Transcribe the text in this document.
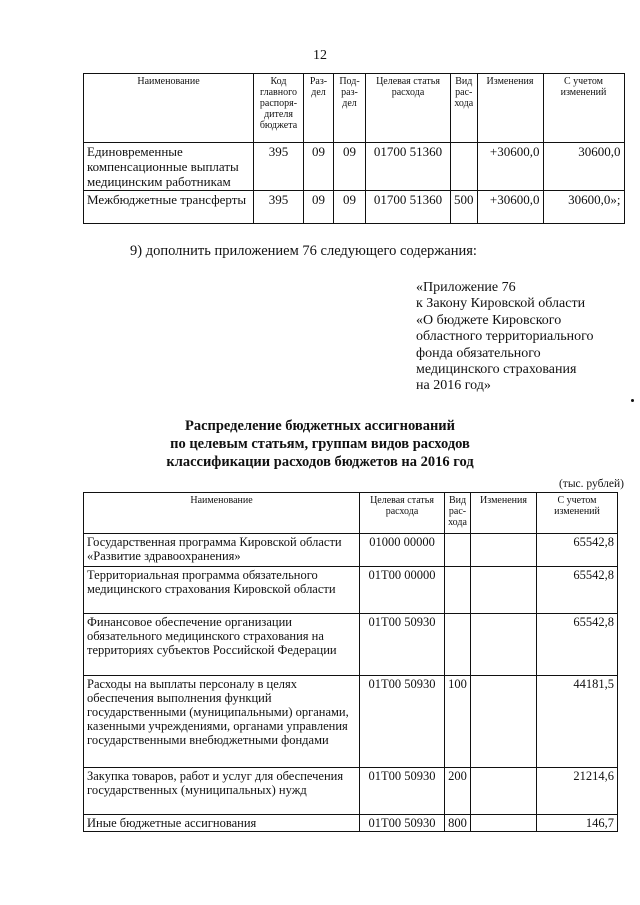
12
Наименование	Код главного распоря-дителя бюджета	Раз-дел	Под-раз-дел	Целевая статья расхода	Вид рас-хода	Изменения	С учетом изменений
Единовременные компенсационные выплаты медицинским работникам	395	09	09	01700 51360		+30600,0	30600,0
Межбюджетные трансферты	395	09	09	01700 51360	500	+30600,0	30600,0»;
9) дополнить приложением 76 следующего содержания:
«Приложение 76
к Закону Кировской области
«О бюджете Кировского
областного территориального
фонда обязательного
медицинского страхования
на 2016 год»
Распределение бюджетных ассигнований
по целевым статьям, группам видов расходов
классификации расходов бюджетов на 2016 год
(тыс. рублей)
Наименование	Целевая статья расхода	Вид рас-хода	Изменения	С учетом изменений
Государственная программа Кировской области «Развитие здравоохранения»	01000 00000			65542,8
Территориальная программа обязательного медицинского страхования Кировской области	01Т00 00000			65542,8
Финансовое обеспечение организации обязательного медицинского страхования на территориях субъектов Российской Федерации	01Т00 50930			65542,8
Расходы на выплаты персоналу в целях обеспечения выполнения функций государственными (муниципальными) органами, казенными учреждениями, органами управления государственными внебюджетными фондами	01Т00 50930	100		44181,5
Закупка товаров, работ и услуг для обеспечения государственных (муниципальных) нужд	01Т00 50930	200		21214,6
Иные бюджетные ассигнования	01Т00 50930	800		146,7
